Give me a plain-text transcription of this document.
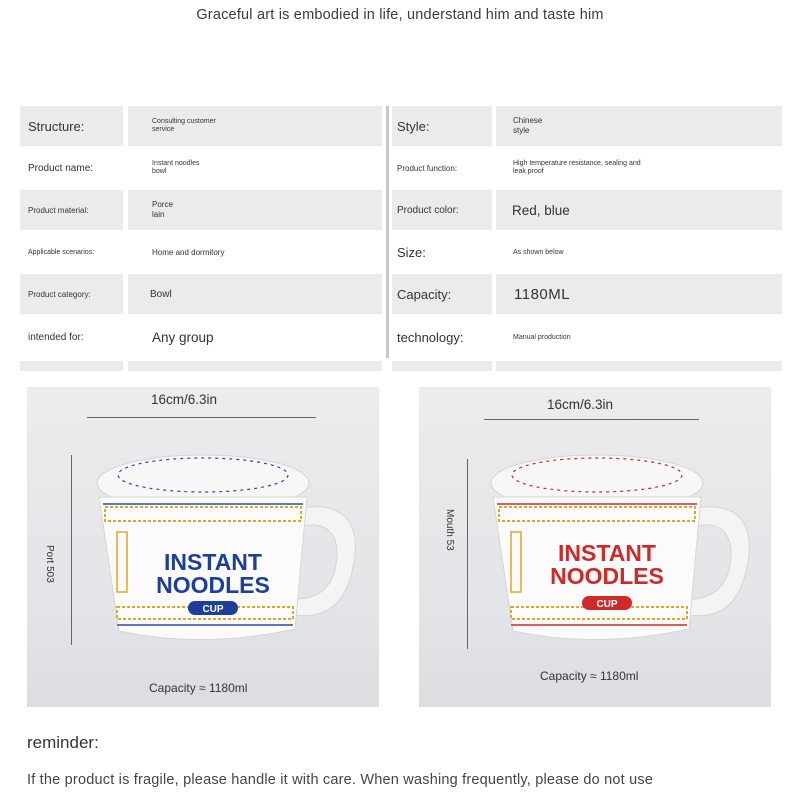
Graceful art is embodied in life, understand him and taste him
Structure:	Consulting customer
service
Product name:	Instant noodles
bowl
Product material:
Porce
lain
Applicable scenarios:	Home and dormitory
Product category:	Bowl
intended for:	Any group
Style:	Chinese
style
Product function:
High temperature resistance, sealing and
leak proof
Product color:	Red, blue
Size:	As shown below
Capacity:	1180ML
technology:	Manual production
16cm/6.3in
Port 503	INSTANT
NOODLES
CUP
Capacity ≈ 1180ml
16cm/6.3in
Mouth 53
INSTANT
NOODLES
CUP
Capacity ≈ 1180ml
reminder:
If the product is fragile, please handle it with care. When washing frequently, please do not use
